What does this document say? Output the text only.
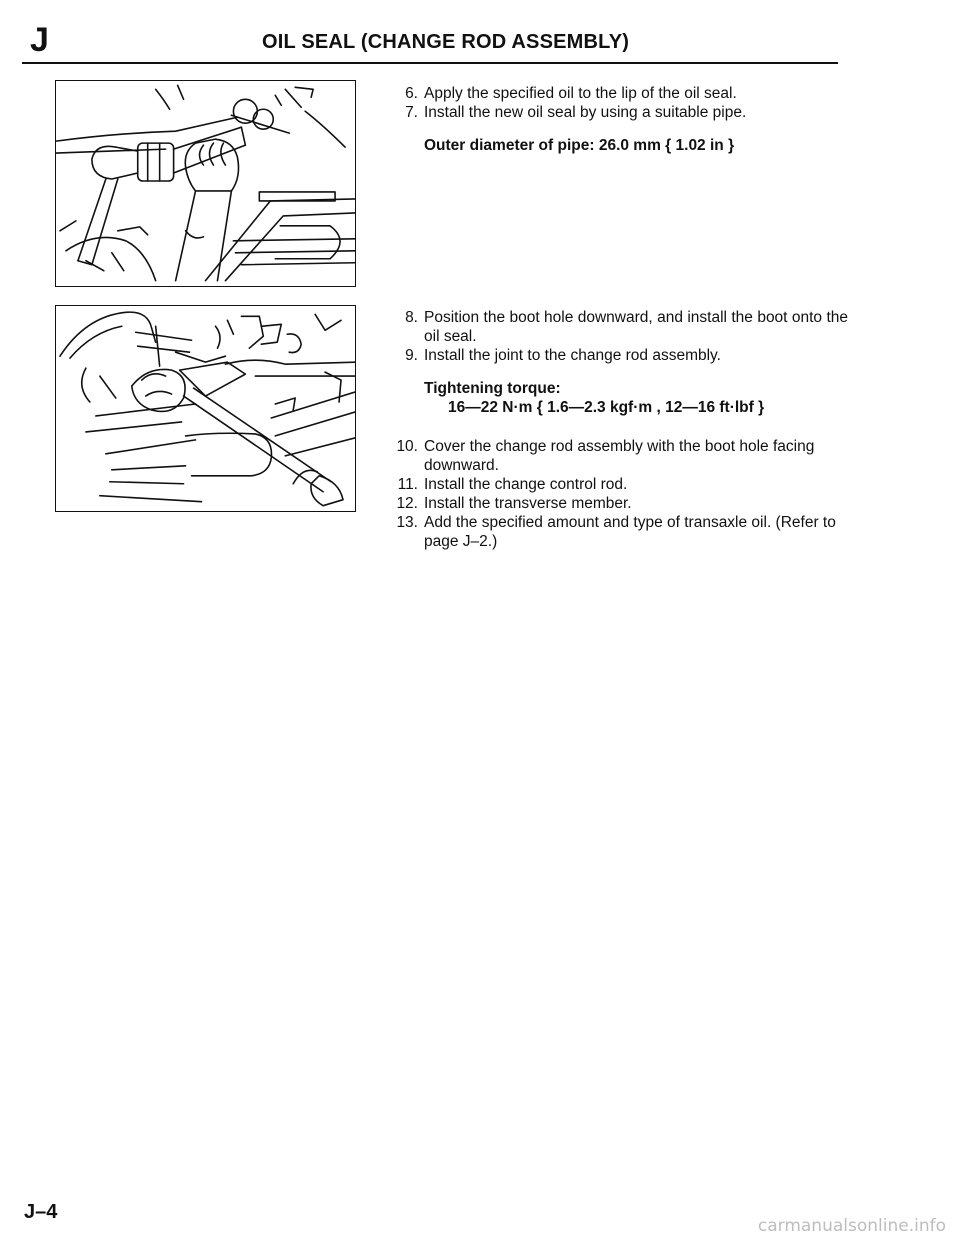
J	OIL SEAL (CHANGE ROD ASSEMBLY)
6. Apply the specified oil to the lip of the oil seal.
7. Install the new oil seal by using a suitable pipe.
Outer diameter of pipe: 26.0 mm { 1.02 in }
8. Position the boot hole downward, and install the boot onto the oil seal.
9. Install the joint to the change rod assembly.
Tightening torque:
16—22 N·m { 1.6—2.3 kgf·m , 12—16 ft·lbf }
10. Cover the change rod assembly with the boot hole facing downward.
11. Install the change control rod.
12. Install the transverse member.
13. Add the specified amount and type of transaxle oil. (Refer to page J–2.)
J–4
carmanualsonline.info
